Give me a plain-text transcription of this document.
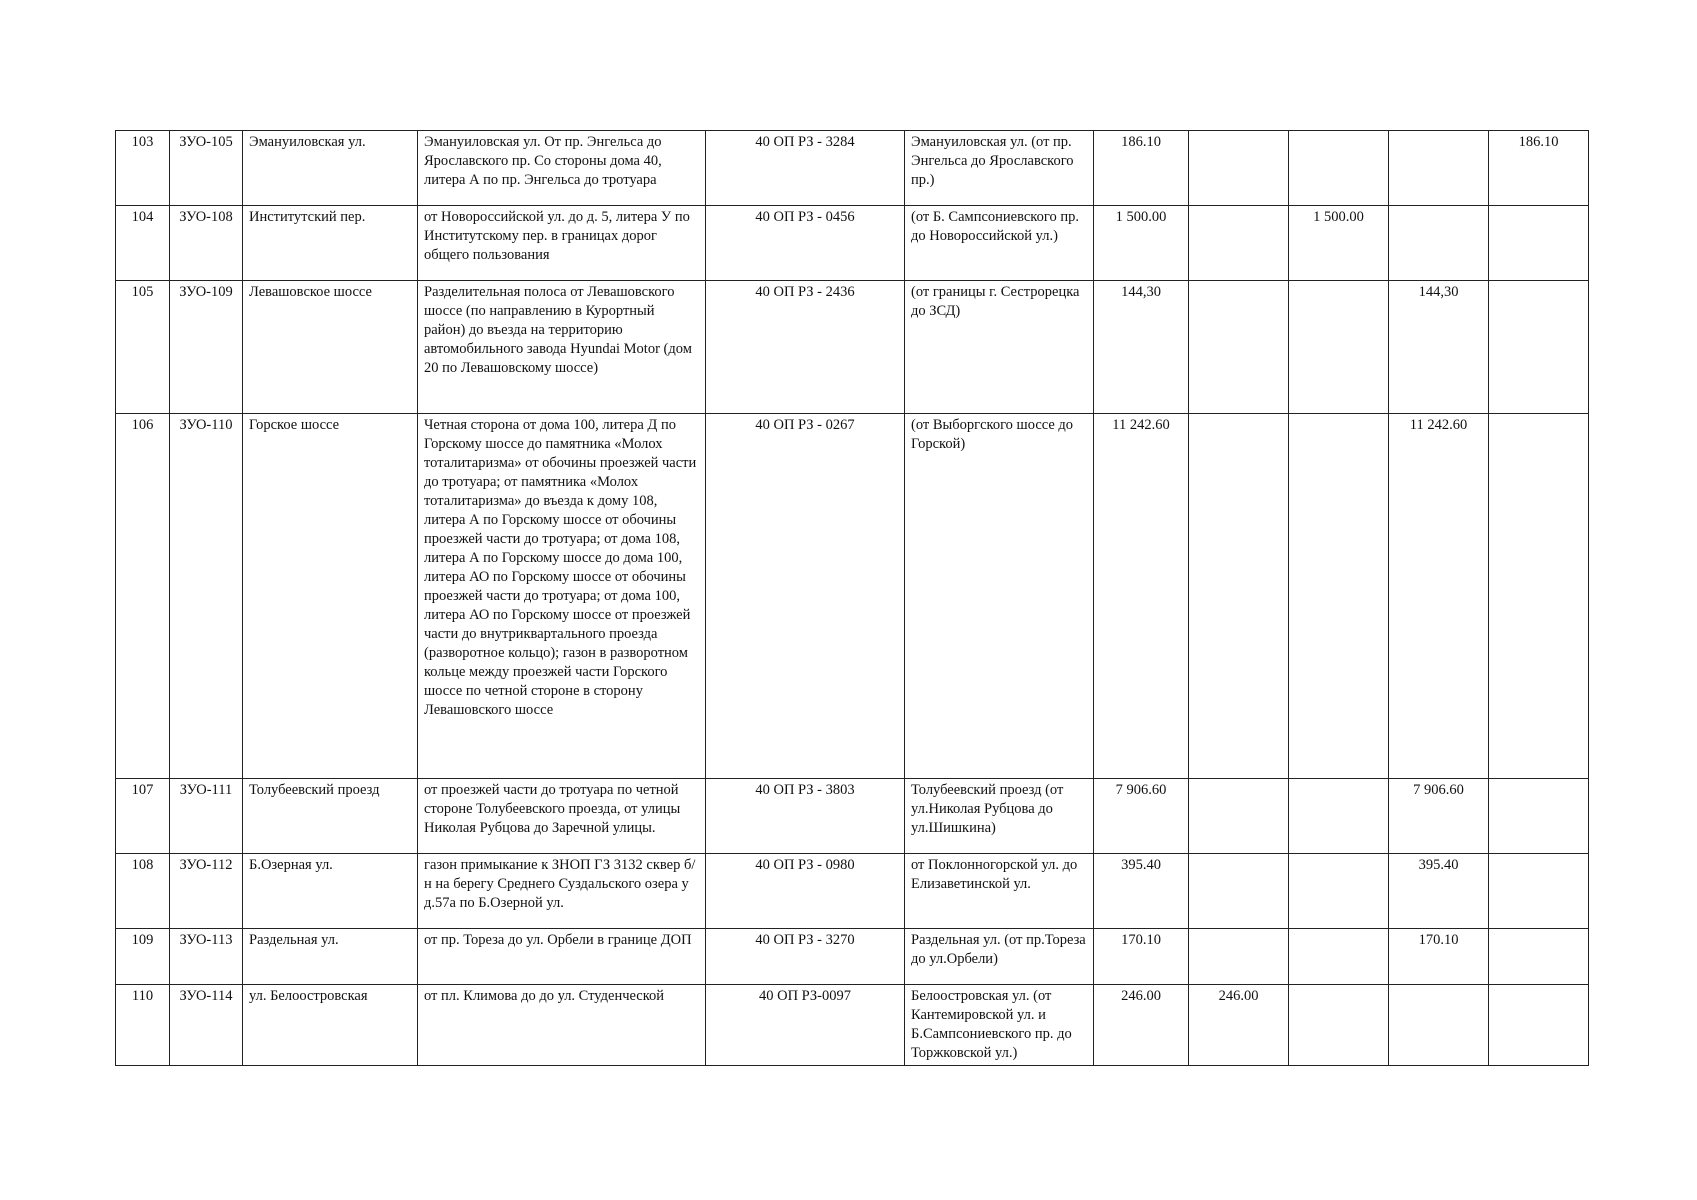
103	ЗУО-105	Эмануиловская ул.	Эмануиловская ул. От пр. Энгельса до Ярославского пр. Со стороны дома 40, литера А по пр. Энгельса до тротуара	40 ОП РЗ - 3284	Эмануиловская ул. (от пр. Энгельса до Ярославского пр.)	186.10				186.10
104	ЗУО-108	Институтский пер.	от Новороссийской ул. до д. 5, литера У по Институтскому пер. в границах дорог общего пользования	40 ОП РЗ - 0456	(от Б. Сампсониевского пр. до Новороссийской ул.)	1 500.00		1 500.00		
105	ЗУО-109	Левашовское шоссе	Разделительная полоса от Левашовского шоссе (по направлению в Курортный район) до въезда на территорию автомобильного завода Hyundai Motor (дом 20 по Левашовскому шоссе)	40 ОП РЗ - 2436	(от границы г. Сестрорецка до ЗСД)	144,30			144,30	
106	ЗУО-110	Горское шоссе	Четная сторона от дома 100, литера Д по Горскому шоссе до памятника «Молох тоталитаризма» от обочины проезжей части до тротуара; от памятника «Молох тоталитаризма» до въезда к дому 108, литера А по Горскому шоссе от обочины проезжей части до тротуара; от дома 108, литера А по Горскому шоссе до дома 100, литера АО по Горскому шоссе от обочины проезжей части до тротуара; от дома 100, литера АО по Горскому шоссе от проезжей части до внутриквартального проезда (разворотное кольцо); газон в разворотном кольце между проезжей части Горского шоссе по четной стороне в сторону Левашовского шоссе	40 ОП РЗ - 0267	(от Выборгского шоссе до Горской)	11 242.60			11 242.60	
107	ЗУО-111	Толубеевский проезд	от проезжей части до тротуара по четной стороне Толубеевского проезда, от улицы Николая Рубцова до Заречной улицы.	40 ОП РЗ - 3803	Толубеевский проезд (от ул.Николая Рубцова до ул.Шишкина)	7 906.60			7 906.60	
108	ЗУО-112	Б.Озерная ул.	газон примыкание к ЗНОП ГЗ 3132 сквер б/н на берегу Среднего Суздальского озера у д.57а по Б.Озерной ул.	40 ОП РЗ - 0980	от Поклонногорской ул. до Елизаветинской ул.	395.40			395.40	
109	ЗУО-113	Раздельная ул.	от пр. Тореза до ул. Орбели в границе ДОП	40 ОП РЗ - 3270	Раздельная ул. (от пр.Тореза до ул.Орбели)	170.10			170.10	
110	ЗУО-114	ул. Белоостровская	от пл. Климова до до ул. Студенческой	40 ОП РЗ-0097	Белоостровская ул. (от Кантемировской ул. и Б.Сампсониевского пр. до Торжковской ул.)	246.00	246.00			
